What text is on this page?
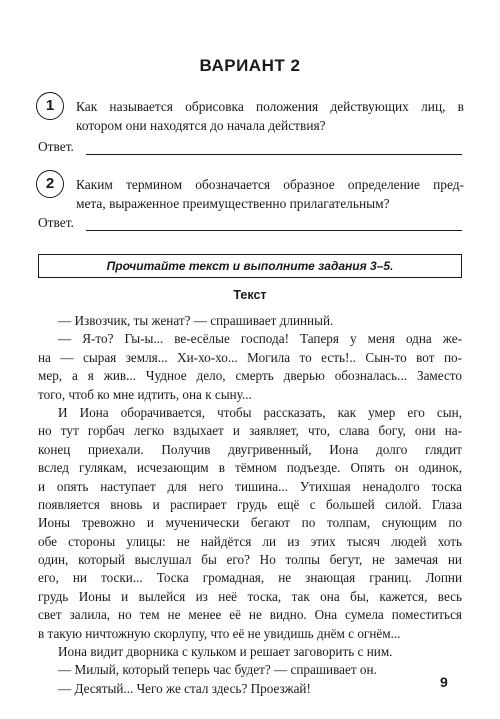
ВАРИАНТ 2
1	Как называется обрисовка положения действующих лиц, в
котором они находятся до начала действия?
Ответ.
2	Каким термином обозначается образное определение пред-
мета, выраженное преимущественно прилагательным?
Ответ.
Прочитайте текст и выполните задания 3–5.
Текст
— Извозчик, ты женат? — спрашивает длинный.
— Я-то? Гы-ы... ве-есёлые господа! Таперя у меня одна же-
на — сырая земля... Хи-хо-хо... Могила то есть!.. Сын-то вот по-
мер, а я жив... Чудное дело, смерть дверью обозналась... Заместо
того, чтоб ко мне идтить, она к сыну...
И Иона оборачивается, чтобы рассказать, как умер его сын,
но тут горбач легко вздыхает и заявляет, что, слава богу, они на-
конец приехали. Получив двугривенный, Иона долго глядит
вслед гулякам, исчезающим в тёмном подъезде. Опять он одинок,
и опять наступает для него тишина... Утихшая ненадолго тоска
появляется вновь и распирает грудь ещё с большей силой. Глаза
Ионы тревожно и мученически бегают по толпам, снующим по
обе стороны улицы: не найдётся ли из этих тысяч людей хоть
один, который выслушал бы его? Но толпы бегут, не замечая ни
его, ни тоски... Тоска громадная, не знающая границ. Лопни
грудь Ионы и вылейся из неё тоска, так она бы, кажется, весь
свет залила, но тем не менее её не видно. Она сумела поместиться
в такую ничтожную скорлупу, что её не увидишь днём с огнём...
Иона видит дворника с кульком и решает заговорить с ним.
— Милый, который теперь час будет? — спрашивает он.
— Десятый... Чего же стал здесь? Проезжай!	9
